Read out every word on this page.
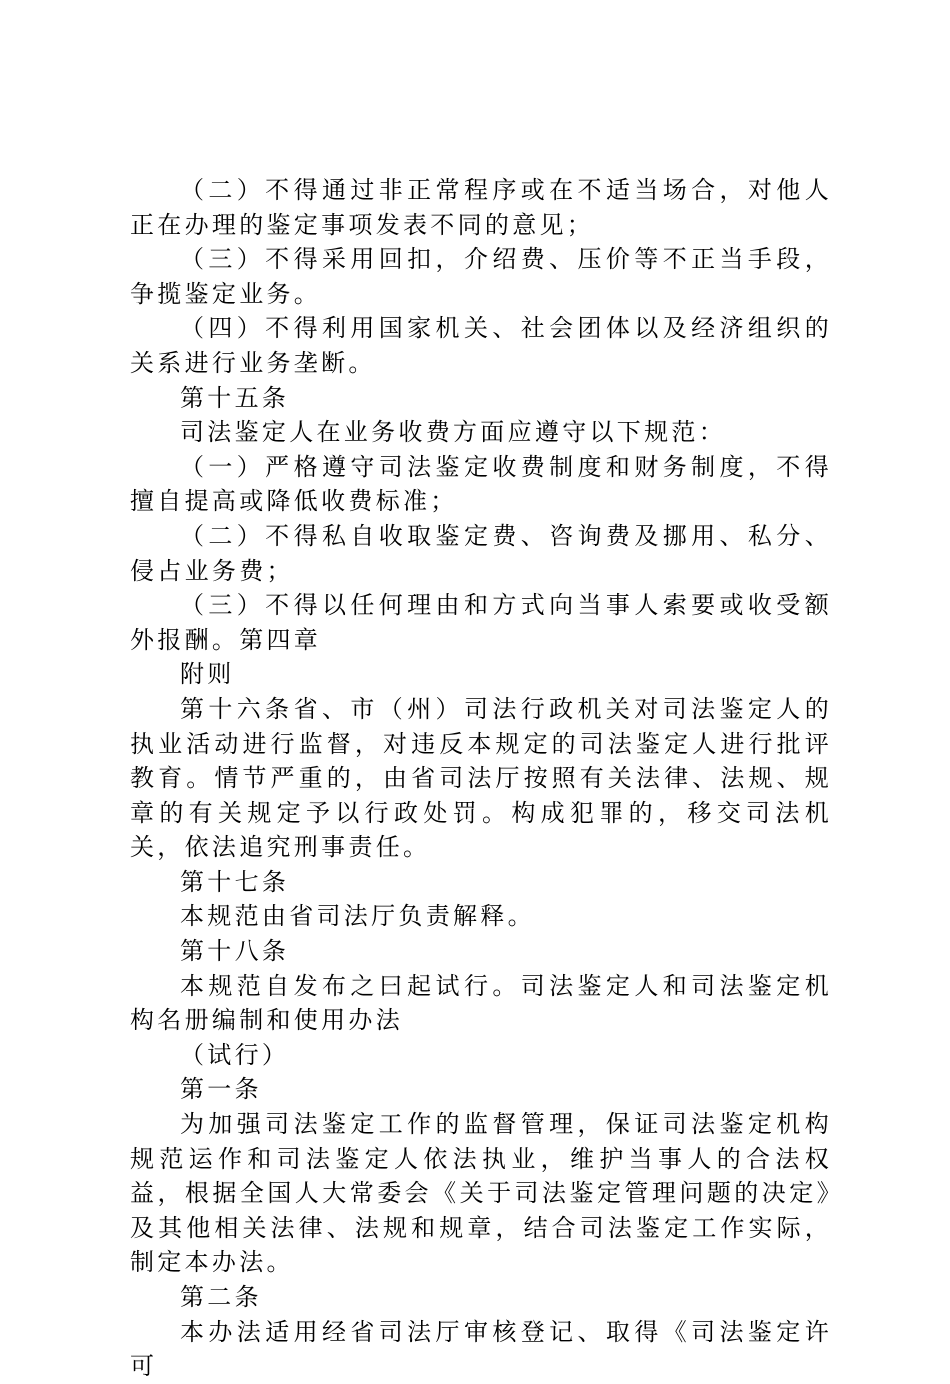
（二）不得通过非正常程序或在不适当场合，对他人正在办理的鉴定事项发表不同的意见；

（三）不得采用回扣，介绍费、压价等不正当手段，争揽鉴定业务。

（四）不得利用国家机关、社会团体以及经济组织的关系进行业务垄断。

第十五条

司法鉴定人在业务收费方面应遵守以下规范：

（一）严格遵守司法鉴定收费制度和财务制度，不得擅自提高或降低收费标准；

（二）不得私自收取鉴定费、咨询费及挪用、私分、侵占业务费；

（三）不得以任何理由和方式向当事人索要或收受额外报酬。第四章

附则

第十六条省、市（州）司法行政机关对司法鉴定人的执业活动进行监督，对违反本规定的司法鉴定人进行批评教育。情节严重的，由省司法厅按照有关法律、法规、规章的有关规定予以行政处罚。构成犯罪的，移交司法机关，依法追究刑事责任。

第十七条

本规范由省司法厅负责解释。

第十八条

本规范自发布之曰起试行。司法鉴定人和司法鉴定机构名册编制和使用办法

（试行）

第一条

为加强司法鉴定工作的监督管理，保证司法鉴定机构规范运作和司法鉴定人依法执业，维护当事人的合法权益，根据全国人大常委会《关于司法鉴定管理问题的决定》及其他相关法律、法规和规章，结合司法鉴定工作实际，制定本办法。

第二条

本办法适用经省司法厅审核登记、取得《司法鉴定许可
